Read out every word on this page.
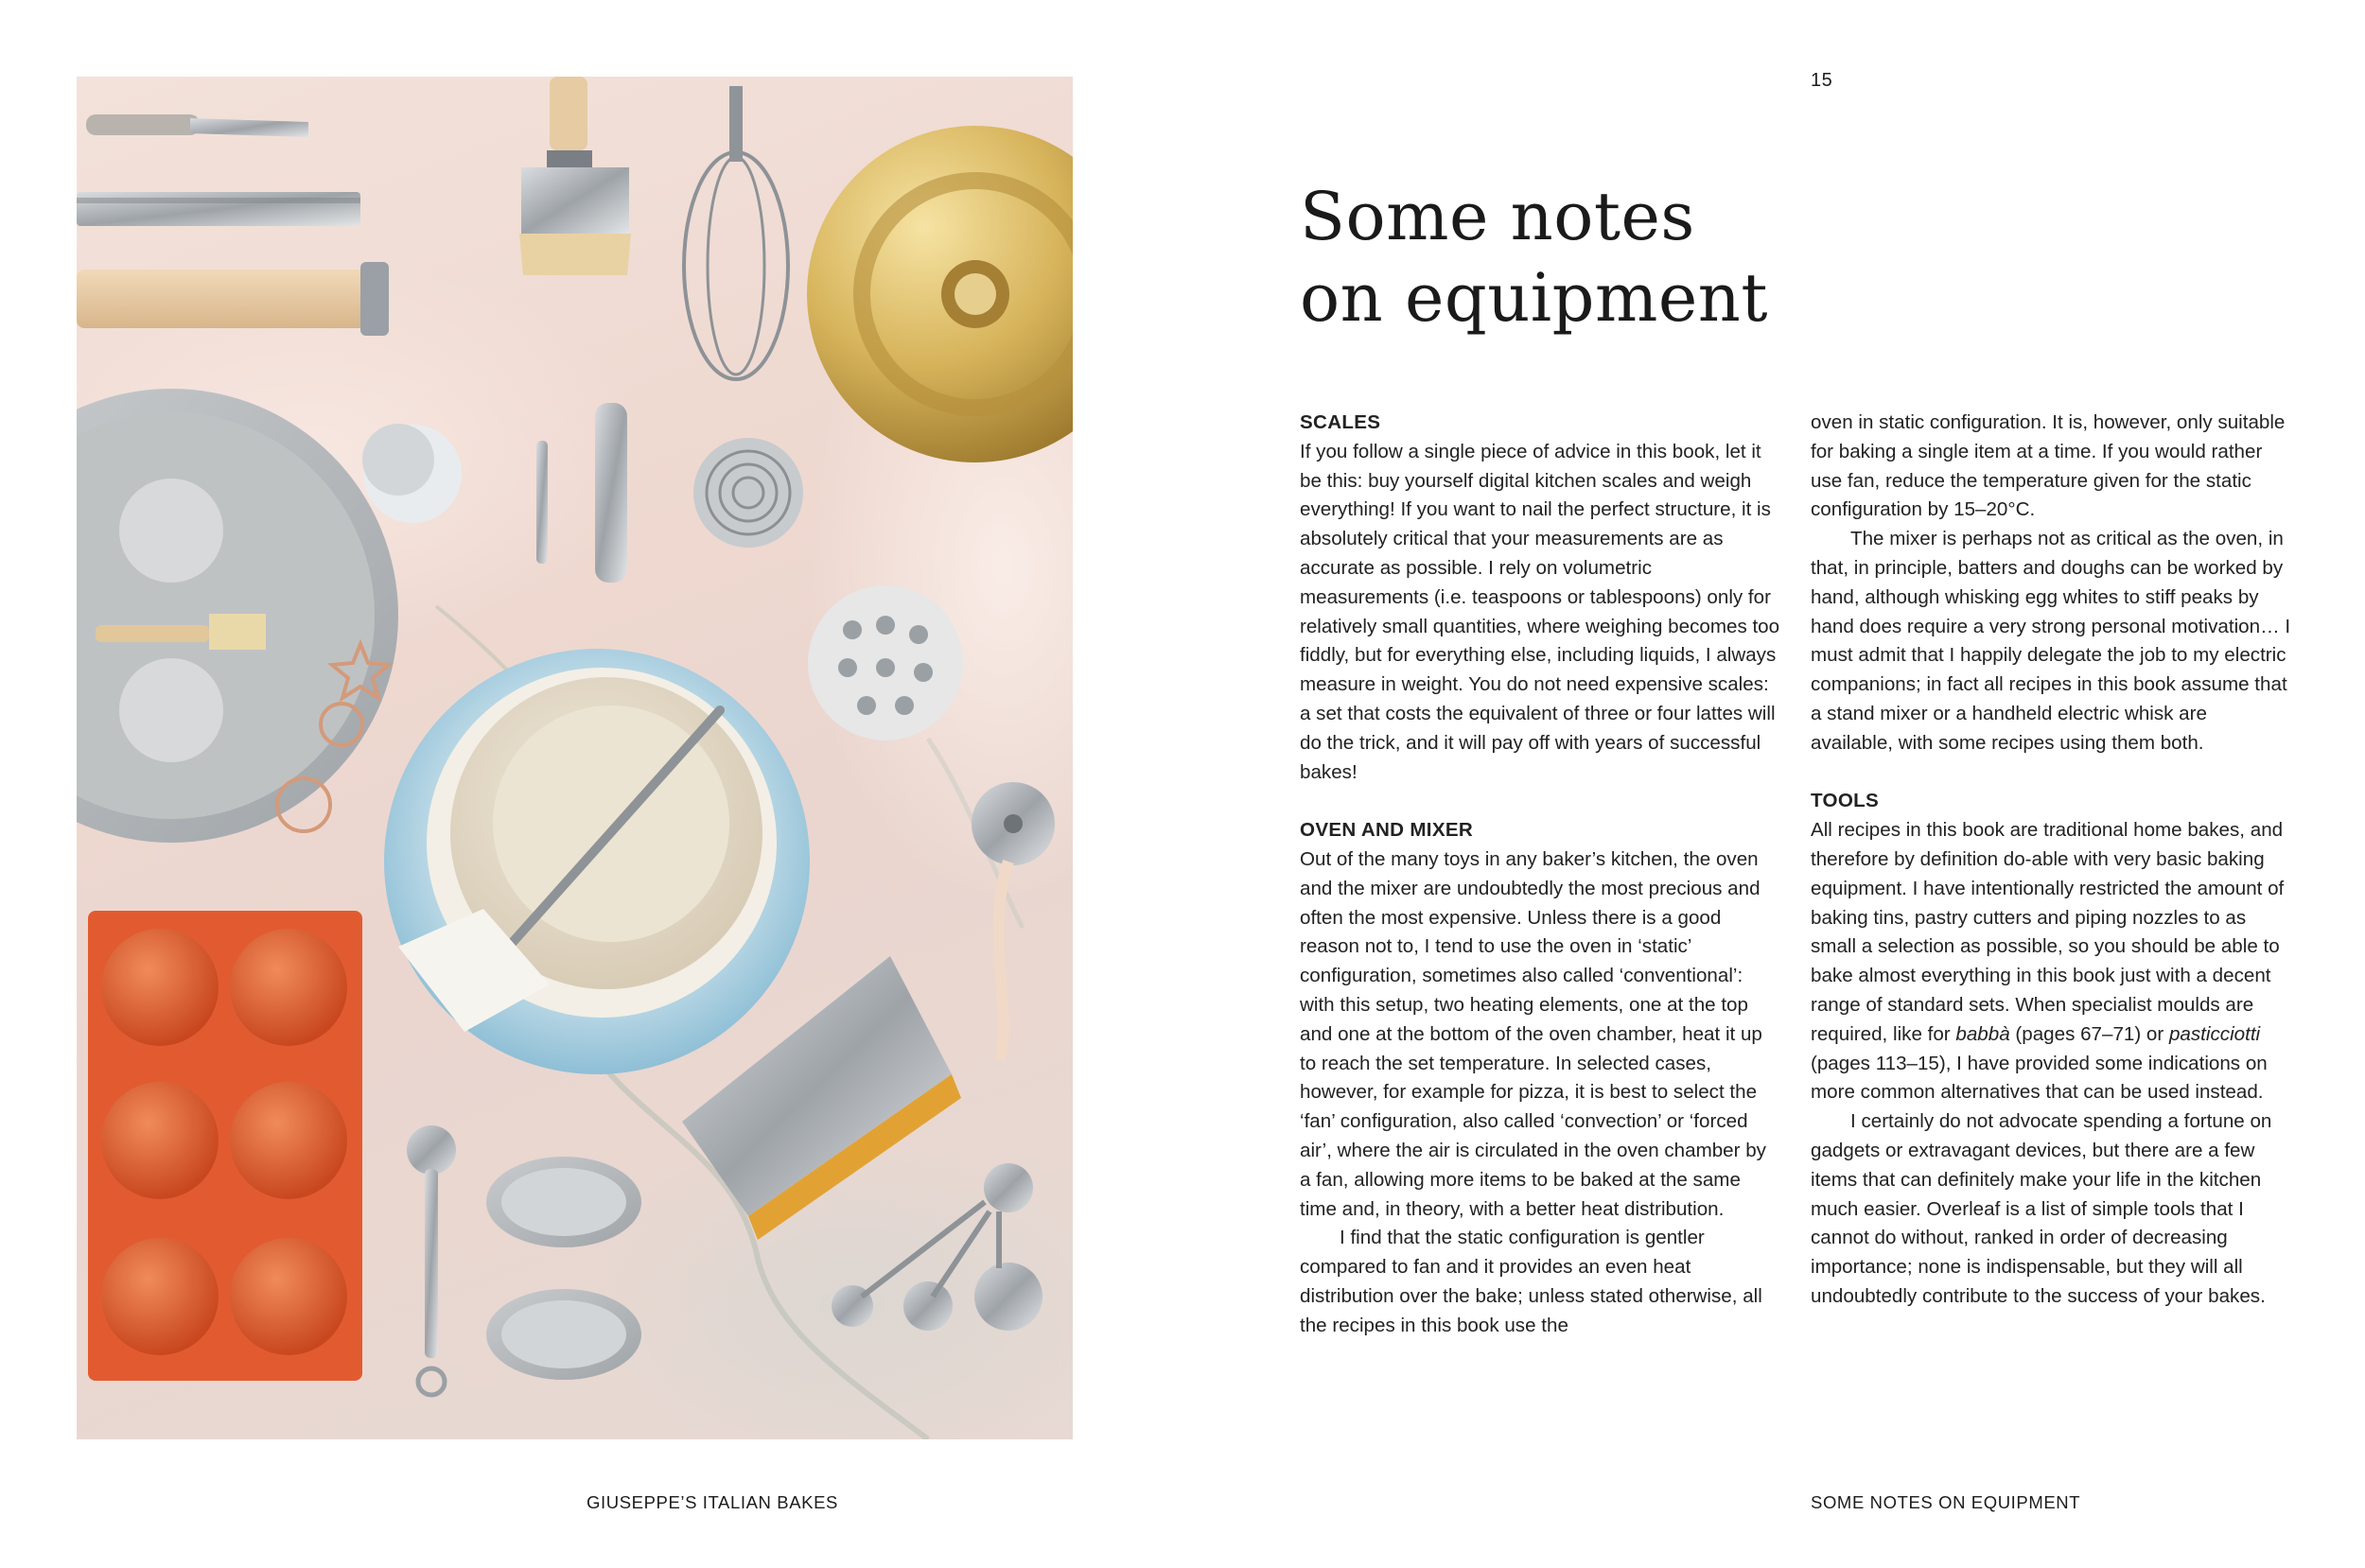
15
Some notes
on equipment
SCALES

If you follow a single piece of advice in this book, let it be this: buy yourself digital kitchen scales and weigh everything! If you want to nail the perfect structure, it is absolutely critical that your measurements are as accurate as possible. I rely on volumetric measurements (i.e. teaspoons or tablespoons) only for relatively small quantities, where weighing becomes too fiddly, but for everything else, including liquids, I always measure in weight. You do not need expensive scales: a set that costs the equivalent of three or four lattes will do the trick, and it will pay off with years of successful bakes!

OVEN AND MIXER

Out of the many toys in any baker’s kitchen, the oven and the mixer are undoubtedly the most precious and often the most expensive. Unless there is a good reason not to, I tend to use the oven in ‘static’ configuration, sometimes also called ‘conventional’: with this setup, two heating elements, one at the top and one at the bottom of the oven chamber, heat it up to reach the set temperature. In selected cases, however, for example for pizza, it is best to select the ‘fan’ configuration, also called ‘convection’ or ‘forced air’, where the air is circulated in the oven chamber by a fan, allowing more items to be baked at the same time and, in theory, with a better heat distribution.

I find that the static configuration is gentler compared to fan and it provides an even heat distribution over the bake; unless stated otherwise, all the recipes in this book use the

GIUSEPPE’S ITALIAN BAKES	SOME NOTES ON EQUIPMENT

oven in static configuration. It is, however, only suitable for baking a single item at a time. If you would rather use fan, reduce the temperature given for the static configuration by 15–20°C.

The mixer is perhaps not as critical as the oven, in that, in principle, batters and doughs can be worked by hand, although whisking egg whites to stiff peaks by hand does require a very strong personal motivation… I must admit that I happily delegate the job to my electric companions; in fact all recipes in this book assume that a stand mixer or a handheld electric whisk are available, with some recipes using them both.

TOOLS

All recipes in this book are traditional home bakes, and therefore by definition do-able with very basic baking equipment. I have intentionally restricted the amount of baking tins, pastry cutters and piping nozzles to as small a selection as possible, so you should be able to bake almost everything in this book just with a decent range of standard sets. When specialist moulds are required, like for babbà (pages 67–71) or pasticciotti (pages 113–15), I have provided some indications on more common alternatives that can be used instead.

I certainly do not advocate spending a fortune on gadgets or extravagant devices, but there are a few items that can definitely make your life in the kitchen much easier. Overleaf is a list of simple tools that I cannot do without, ranked in order of decreasing importance; none is indispensable, but they will all undoubtedly contribute to the success of your bakes.
